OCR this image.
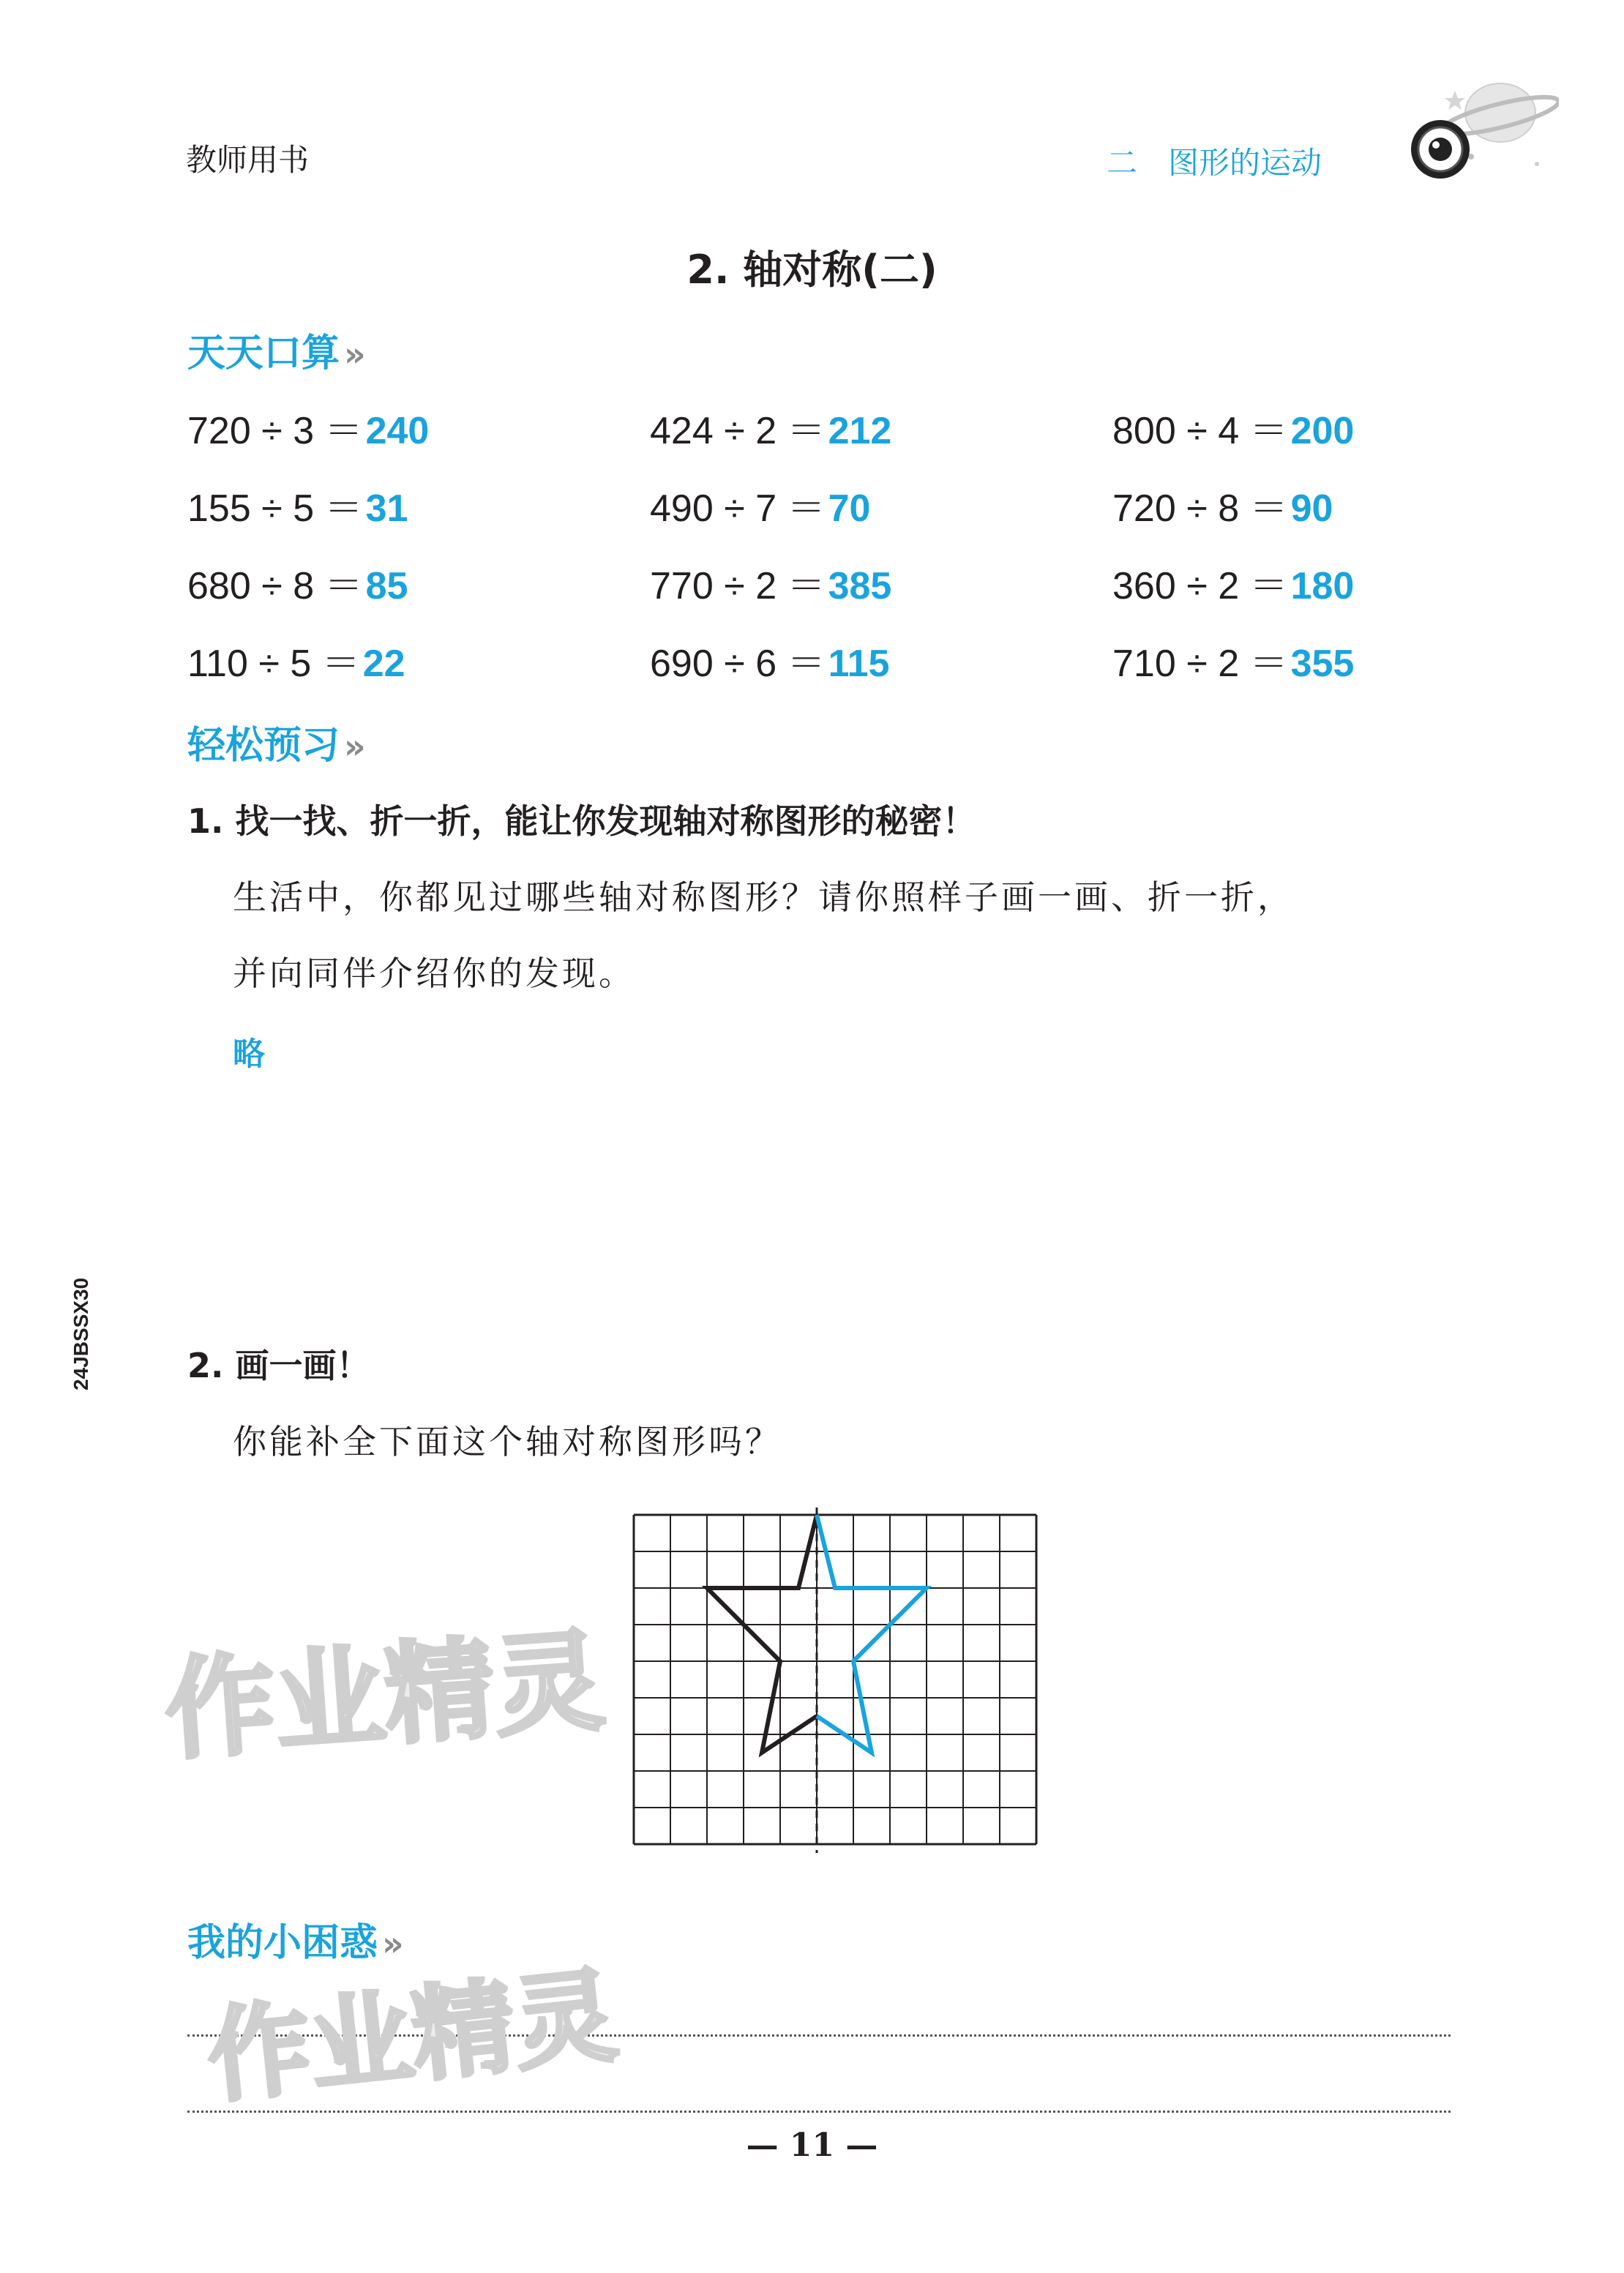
教师用书	二　图形的运动
2. 轴对称(二)
天天口算 »
720 ÷ 3 ＝240	424 ÷ 2 ＝212	800 ÷ 4 ＝200
155 ÷ 5 ＝31	490 ÷ 7 ＝70	720 ÷ 8 ＝90
680 ÷ 8 ＝85	770 ÷ 2 ＝385	360 ÷ 2 ＝180
110 ÷ 5 ＝22	690 ÷ 6 ＝115	710 ÷ 2 ＝355
轻松预习 »
1. 找一找、折一折，能让你发现轴对称图形的秘密！
生活中，你都见过哪些轴对称图形？请你照样子画一画、折一折，
并向同伴介绍你的发现。
略
24JBSSX30	2. 画一画！
你能补全下面这个轴对称图形吗？
我的小困惑 »
— 11 —
作业精灵
作业精灵
